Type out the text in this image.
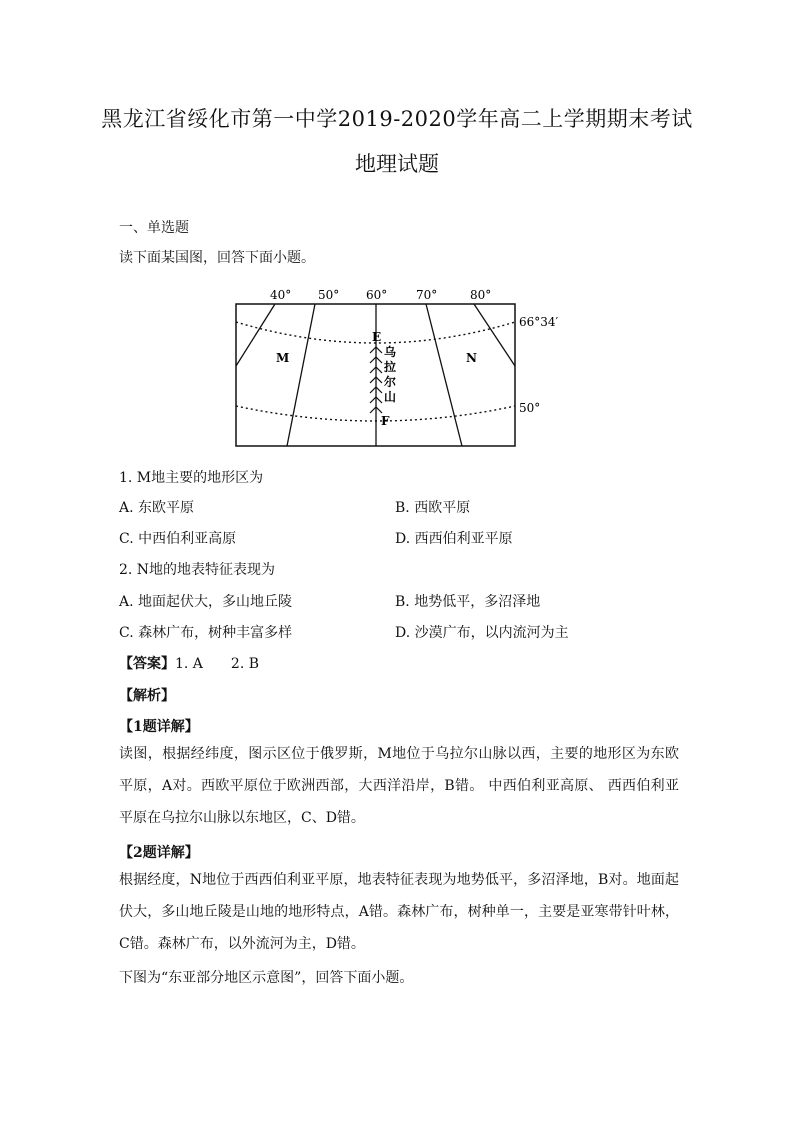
黑龙江省绥化市第一中学2019-2020学年高二上学期期末考试
地理试题
一、单选题
读下面某国图，回答下面小题。
40° 50° 60° 70°	80°
66°34′
50°
M	N
E
F
乌
拉
尔
山
1. M地主要的地形区为
A. 东欧平原	B. 西欧平原
C. 中西伯利亚高原	D. 西西伯利亚平原
2. N地的地表特征表现为
A. 地面起伏大，多山地丘陵	B. 地势低平，多沼泽地
C. 森林广布，树种丰富多样	D. 沙漠广布，以内流河为主
【答案】1. A　　2. B
【解析】
【1题详解】
读图，根据经纬度，图示区位于俄罗斯，M地位于乌拉尔山脉以西，主要的地形区为东欧平原，A对。西欧平原位于欧洲西部，大西洋沿岸，B错。 中西伯利亚高原、 西西伯利亚平原在乌拉尔山脉以东地区，C、D错。
【2题详解】
根据经度，N地位于西西伯利亚平原，地表特征表现为地势低平，多沼泽地，B对。地面起伏大，多山地丘陵是山地的地形特点，A错。森林广布，树种单一，主要是亚寒带针叶林，C错。森林广布，以外流河为主，D错。
下图为“东亚部分地区示意图”，回答下面小题。
